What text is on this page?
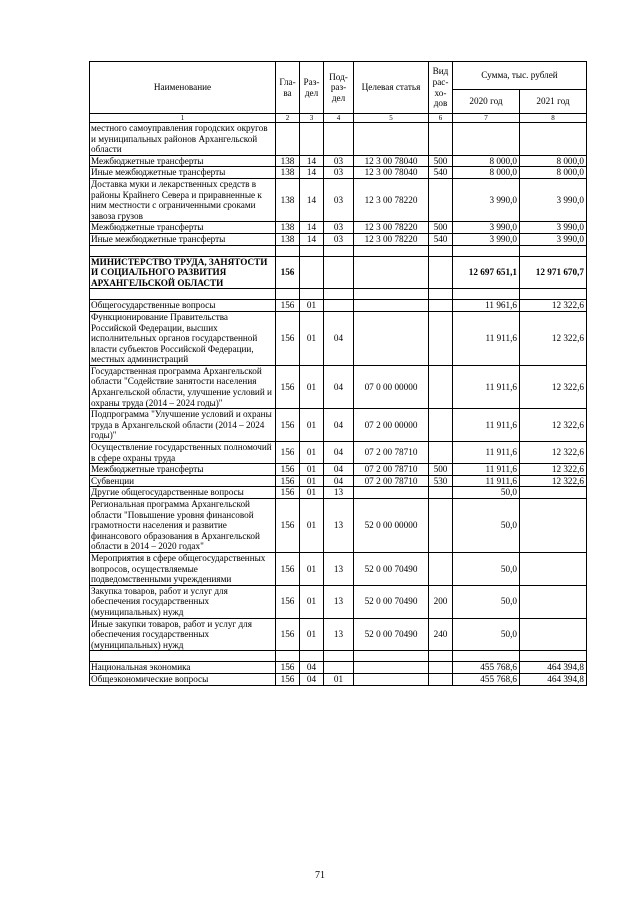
Наименование	Гла-ва	Раз-дел	Под-раз-дел	Целевая статья	Вид рас-хо-дов	Сумма, тыс. рублей	
						2020 год	2021 год
1	2	3	4	5	6	7	8
местного самоуправления городских округов и муниципальных районов Архангельской области							
Межбюджетные трансферты	138	14	03	12 3 00 78040	500	8 000,0	8 000,0
Иные межбюджетные трансферты	138	14	03	12 3 00 78040	540	8 000,0	8 000,0
Доставка муки и лекарственных средств в районы Крайнего Севера и приравненные к ним местности с ограниченными сроками завоза грузов	138	14	03	12 3 00 78220		3 990,0	3 990,0
Межбюджетные трансферты	138	14	03	12 3 00 78220	500	3 990,0	3 990,0
Иные межбюджетные трансферты	138	14	03	12 3 00 78220	540	3 990,0	3 990,0

МИНИСТЕРСТВО ТРУДА, ЗАНЯТОСТИ И СОЦИАЛЬНОГО РАЗВИТИЯ АРХАНГЕЛЬСКОЙ ОБЛАСТИ	156					12 697 651,1	12 971 670,7

Общегосударственные вопросы	156	01				11 961,6	12 322,6
Функционирование Правительства Российской Федерации, высших исполнительных органов государственной власти субъектов Российской Федерации, местных администраций	156	01	04			11 911,6	12 322,6
Государственная программа Архангельской области "Содействие занятости населения Архангельской области, улучшение условий и охраны труда (2014 – 2024 годы)"	156	01	04	07 0 00 00000		11 911,6	12 322,6
Подпрограмма "Улучшение условий и охраны труда в Архангельской области (2014 – 2024 годы)"	156	01	04	07 2 00 00000		11 911,6	12 322,6
Осуществление государственных полномочий в сфере охраны труда	156	01	04	07 2 00 78710		11 911,6	12 322,6
Межбюджетные трансферты	156	01	04	07 2 00 78710	500	11 911,6	12 322,6
Субвенции	156	01	04	07 2 00 78710	530	11 911,6	12 322,6
Другие общегосударственные вопросы	156	01	13			50,0	
Региональная программа Архангельской области "Повышение уровня финансовой грамотности населения и развитие финансового образования в Архангельской области в 2014 – 2020 годах"	156	01	13	52 0 00 00000		50,0	
Мероприятия в сфере общегосударственных вопросов, осуществляемые подведомственными учреждениями	156	01	13	52 0 00 70490		50,0	
Закупка товаров, работ и услуг для обеспечения государственных (муниципальных) нужд	156	01	13	52 0 00 70490	200	50,0	
Иные закупки товаров, работ и услуг для обеспечения государственных (муниципальных) нужд	156	01	13	52 0 00 70490	240	50,0	

Национальная экономика	156	04				455 768,6	464 394,8
Общеэкономические вопросы	156	04	01			455 768,6	464 394,8
71
